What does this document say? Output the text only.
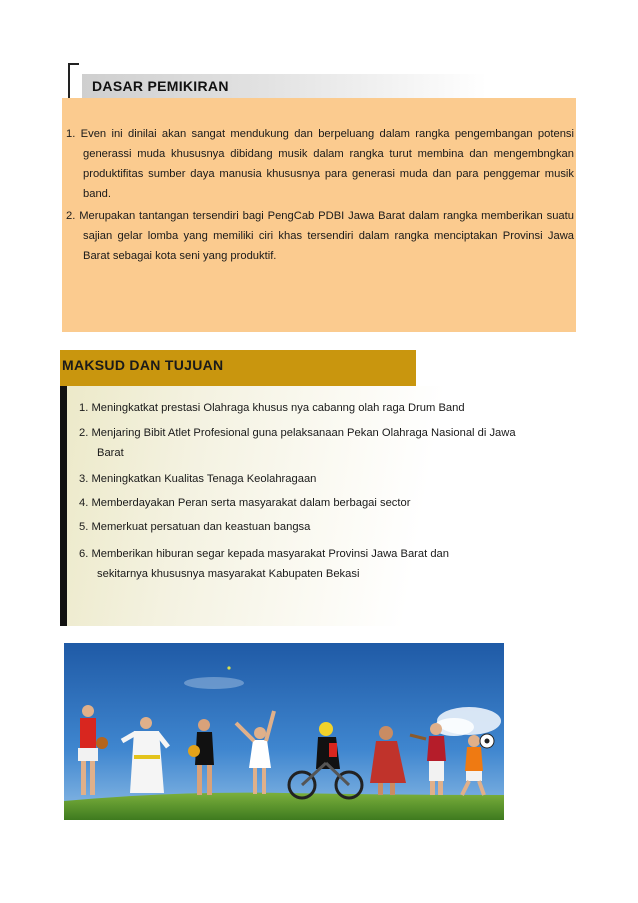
DASAR PEMIKIRAN

1. Even ini dinilai akan sangat mendukung dan berpeluang dalam rangka pengembangan potensi generassi muda khususnya dibidang musik dalam rangka turut membina dan mengembngkan produktifitas sumber daya manusia khususnya para generasi muda dan para penggemar musik band.

2. Merupakan tantangan tersendiri bagi PengCab PDBI Jawa Barat dalam rangka memberikan suatu sajian gelar lomba yang memiliki ciri khas tersendiri dalam rangka menciptakan Provinsi Jawa Barat sebagai kota seni yang produktif.

MAKSUD DAN TUJUAN

1. Meningkatkat prestasi Olahraga khusus nya cabanng olah raga Drum Band

2. Menjaring Bibit Atlet Profesional guna pelaksanaan Pekan Olahraga Nasional di Jawa Barat

3. Meningkatkan Kualitas Tenaga Keolahragaan

4. Memberdayakan Peran serta masyarakat dalam berbagai sector

5. Memerkuat persatuan dan keastuan bangsa

6. Memberikan hiburan segar kepada masyarakat Provinsi Jawa Barat dan sekitarnya khususnya masyarakat Kabupaten Bekasi
